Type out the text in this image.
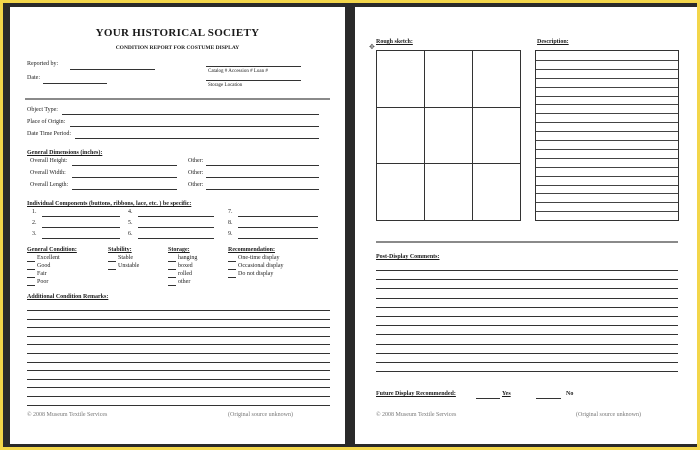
YOUR HISTORICAL SOCIETY
CONDITION REPORT FOR COSTUME DISPLAY
Reported by:
Date:
Catalog # Accession # Loan #
Storage Location
Object Type:
Place of Origin:
Date Time Period:
General Dimensions (inches):
Overall Height:	Other:
Overall Width:	Other:
Overall Length:	Other:
Individual Components (buttons, ribbons, lace, etc. ) be specific:
1.
2.
3.
4.
5.
6.
7.
8.
9.
General Condition:
Excellent
Good
Fair
Poor
Stability:
Stable
Unstable
Storage:
hanging
boxed
rolled
other
Recommendation:
One-time display
Occasional display
Do not display
Additional Condition Remarks:
© 2008 Museum Textile Services	(Original source unknown)
✥
Rough sketch:	Description:
Post-Display Comments:
Future Display Recommended:	Yes	No
© 2008 Museum Textile Services	(Original source unknown)
